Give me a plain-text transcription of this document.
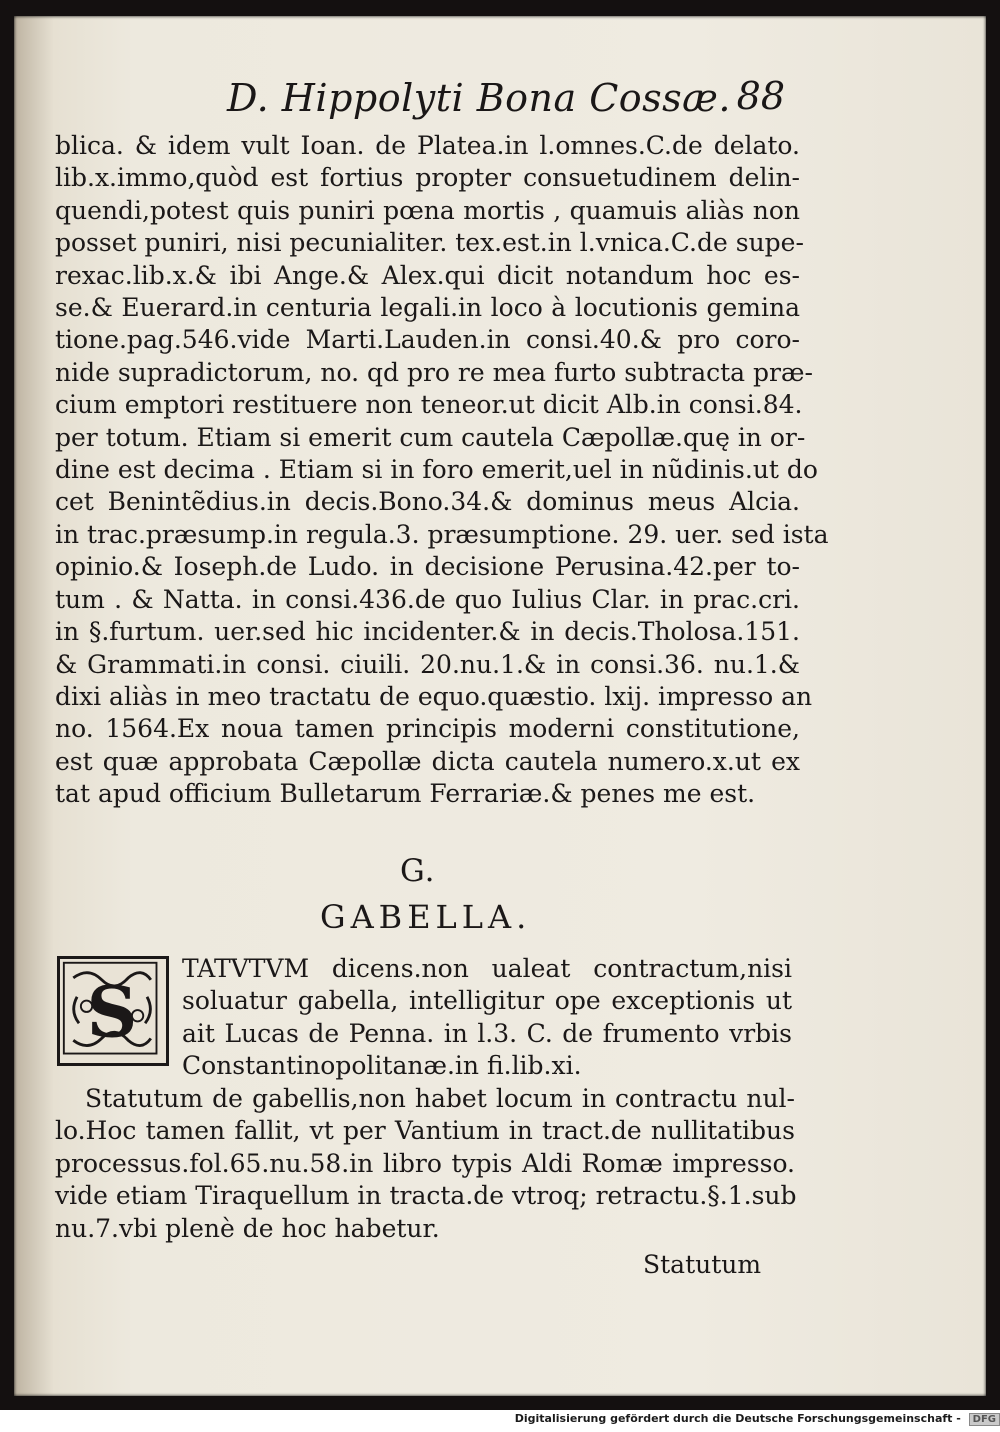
D. Hippolyti Bona Cossæ. 88
blica. & idem vult Ioan. de Platea.in l.omnes.C.de delato.
lib.x.immo,quòd est fortius propter consuetudinem delin-
quendi,potest quis puniri pœna mortis , quamuis aliàs non
posset puniri, nisi pecunialiter. tex.est.in l.vnica.C.de supe-
rexac.lib.x.& ibi Ange.& Alex.qui dicit notandum hoc es-
se.& Euerard.in centuria legali.in loco à locutionis gemina
tione.pag.546.vide Marti.Lauden.in consi.40.& pro coro-
nide supradictorum, no. qd pro re mea furto subtracta præ-
cium emptori restituere non teneor.ut dicit Alb.in consi.84.
per totum. Etiam si emerit cum cautela Cæpollæ.quę in or-
dine est decima . Etiam si in foro emerit,uel in nũdinis.ut do
cet Benintẽdius.in decis.Bono.34.& dominus meus Alcia.
in trac.præsump.in regula.3. præsumptione. 29. uer. sed ista
opinio.& Ioseph.de Ludo. in decisione Perusina.42.per to-
tum . & Natta. in consi.436.de quo Iulius Clar. in prac.cri.
in §.furtum. uer.sed hic incidenter.& in decis.Tholosa.151.
& Grammati.in consi. ciuili. 20.nu.1.& in consi.36. nu.1.&
dixi aliàs in meo tractatu de equo.quæstio. lxij. impresso an
no. 1564.Ex noua tamen principis moderni constitutione,
est quæ approbata Cæpollæ dicta cautela numero.x.ut ex
tat apud officium Bulletarum Ferrariæ.& penes me est.
G.
GABELLA.
S
TATVTVM dicens.non ualeat contractum,nisi
soluatur gabella, intelligitur ope exceptionis ut
ait Lucas de Penna. in l.3. C. de frumento vrbis
Constantinopolitanæ.in fi.lib.xi.
Statutum de gabellis,non habet locum in contractu nul-
lo.Hoc tamen fallit, vt per Vantium in tract.de nullitatibus
processus.fol.65.nu.58.in libro typis Aldi Romæ impresso.
vide etiam Tiraquellum in tracta.de vtroq; retractu.§.1.sub
nu.7.vbi plenè de hoc habetur.
Statutum
Digitalisierung gefördert durch die Deutsche Forschungsgemeinschaft - DFG
